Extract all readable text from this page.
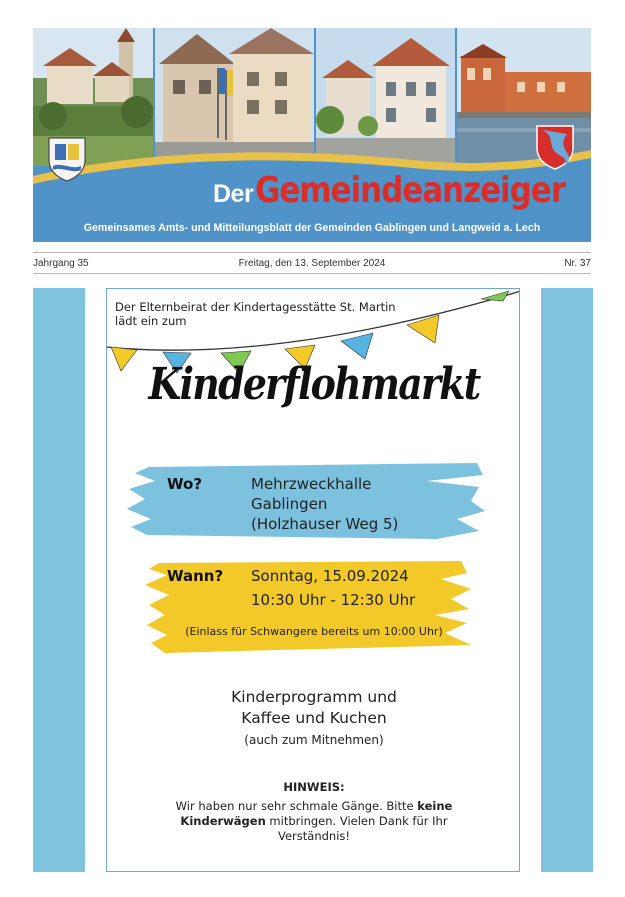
DerGemeindeanzeiger
Gemeinsames Amts- und Mitteilungsblatt der Gemeinden Gablingen und Langweid a. Lech
Jahrgang 35	Freitag, den 13. September 2024	Nr. 37
Der Elternbeirat der Kindertagesstätte St. Martin
lädt ein zum
Kinderflohmarkt
Wo?	Mehrzweckhalle
Gablingen
(Holzhauser Weg 5)
Wann? Sonntag, 15.09.2024
10:30 Uhr - 12:30 Uhr
(Einlass für Schwangere bereits um 10:00 Uhr)
Kinderprogramm und
Kaffee und Kuchen
(auch zum Mitnehmen)
HINWEIS:
Wir haben nur sehr schmale Gänge. Bitte keine
Kinderwägen mitbringen. Vielen Dank für Ihr
Verständnis!
